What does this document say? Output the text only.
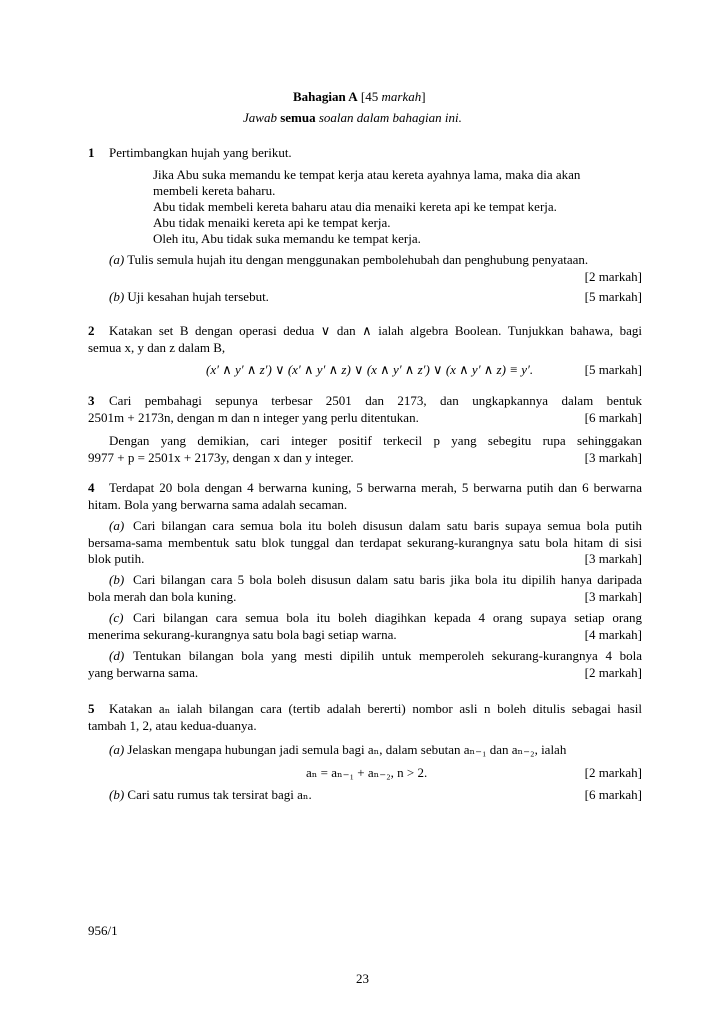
Bahagian A [45 markah]
Jawab semua soalan dalam bahagian ini.
1 Pertimbangkan hujah yang berikut.
Jika Abu suka memandu ke tempat kerja atau kereta ayahnya lama, maka dia akan
membeli kereta baharu.
Abu tidak membeli kereta baharu atau dia menaiki kereta api ke tempat kerja.
Abu tidak menaiki kereta api ke tempat kerja.
Oleh itu, Abu tidak suka memandu ke tempat kerja.
(a) Tulis semula hujah itu dengan menggunakan pembolehubah dan penghubung penyataan.
[2 markah]
(b) Uji kesahan hujah tersebut.	[5 markah]
2 Katakan set B dengan operasi dedua ∨ dan ∧ ialah algebra Boolean. Tunjukkan bahawa, bagi
semua x, y dan z dalam B,
(x′ ∧ y′ ∧ z′) ∨ (x′ ∧ y′ ∧ z) ∨ (x ∧ y′ ∧ z′) ∨ (x ∧ y′ ∧ z) ≡ y′.	[5 markah]
3 Cari pembahagi sepunya terbesar 2501 dan 2173, dan ungkapkannya dalam bentuk
2501m + 2173n, dengan m dan n integer yang perlu ditentukan.	[6 markah]
Dengan yang demikian, cari integer positif terkecil p yang sebegitu rupa sehinggakan
9977 + p = 2501x + 2173y, dengan x dan y integer.	[3 markah]
4 Terdapat 20 bola dengan 4 berwarna kuning, 5 berwarna merah, 5 berwarna putih dan 6 berwarna
hitam. Bola yang berwarna sama adalah secaman.
(a) Cari bilangan cara semua bola itu boleh disusun dalam satu baris supaya semua bola putih
bersama-sama membentuk satu blok tunggal dan terdapat sekurang-kurangnya satu bola hitam di sisi
blok putih.	[3 markah]
(b) Cari bilangan cara 5 bola boleh disusun dalam satu baris jika bola itu dipilih hanya daripada
bola merah dan bola kuning.	[3 markah]
(c) Cari bilangan cara semua bola itu boleh diagihkan kepada 4 orang supaya setiap orang
menerima sekurang-kurangnya satu bola bagi setiap warna.	[4 markah]
(d) Tentukan bilangan bola yang mesti dipilih untuk memperoleh sekurang-kurangnya 4 bola
yang berwarna sama.	[2 markah]
5 Katakan aₙ ialah bilangan cara (tertib adalah bererti) nombor asli n boleh ditulis sebagai hasil
tambah 1, 2, atau kedua-duanya.
(a) Jelaskan mengapa hubungan jadi semula bagi aₙ, dalam sebutan aₙ₋₁ dan aₙ₋₂, ialah
aₙ = aₙ₋₁ + aₙ₋₂, n > 2.	[2 markah]
(b) Cari satu rumus tak tersirat bagi aₙ.	[6 markah]
956/1
23
